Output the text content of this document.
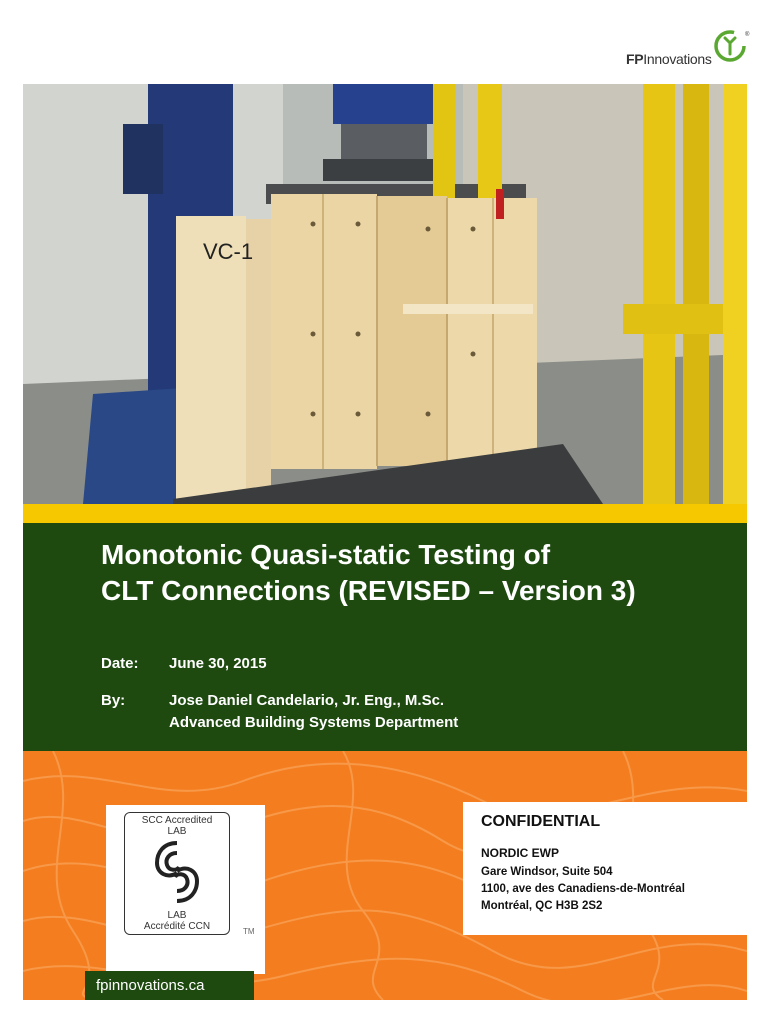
FPInnovations
®
VC-1
Monotonic Quasi-static Testing of
CLT Connections (REVISED – Version 3)
Date:	June 30, 2015
By:	Jose Daniel Candelario, Jr. Eng., M.Sc.
Advanced Building Systems Department
SCC Accredited
LAB
LAB
Accrédité CCN	TM
CONFIDENTIAL
NORDIC EWP
Gare Windsor, Suite 504
1100, ave des Canadiens-de-Montréal
Montréal, QC H3B 2S2
fpinnovations.ca
